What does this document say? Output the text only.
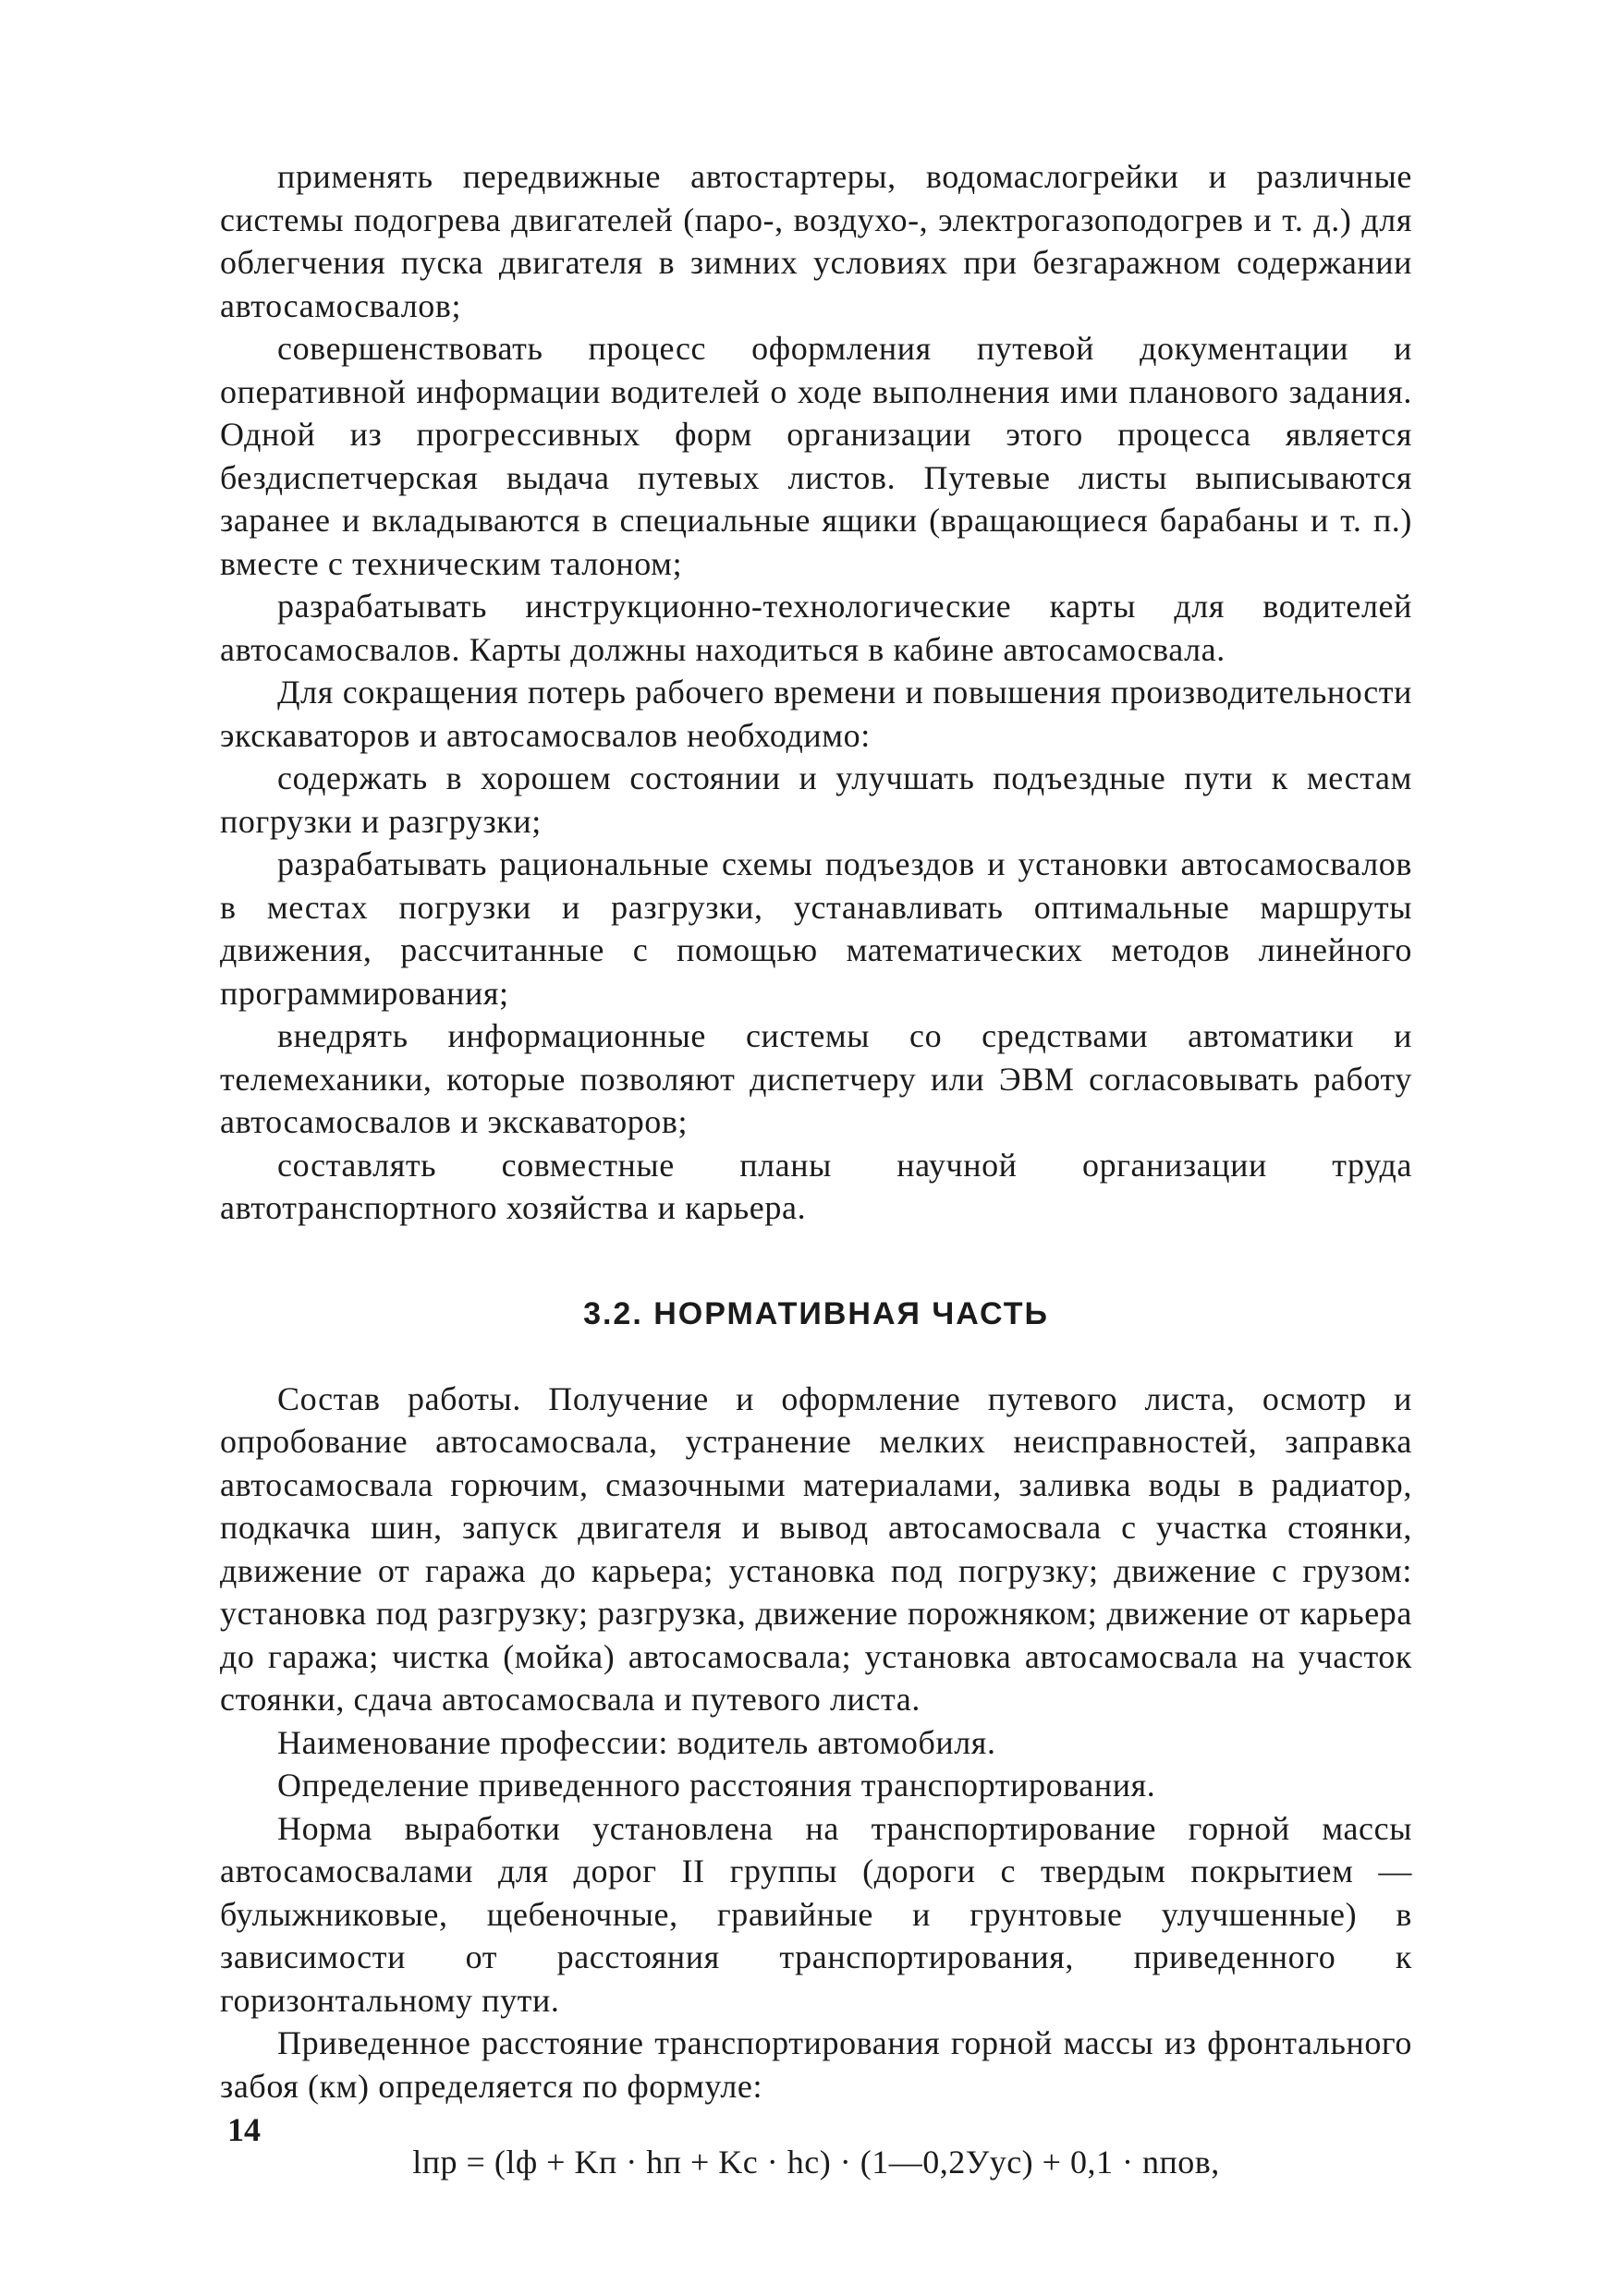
применять передвижные автостартеры, водомаслогрейки и различные системы подогрева двигателей (паро-, воздухо-, электрогазоподогрев и т. д.) для облегчения пуска двигателя в зимних условиях при безгаражном содержании автосамосвалов;

совершенствовать процесс оформления путевой документации и оперативной информации водителей о ходе выполнения ими планового задания. Одной из прогрессивных форм организации этого процесса является бездиспетчерская выдача путевых листов. Путевые листы выписываются заранее и вкладываются в специальные ящики (вращающиеся барабаны и т. п.) вместе с техническим талоном;

разрабатывать инструкционно-технологические карты для водителей автосамосвалов. Карты должны находиться в кабине автосамосвала.

Для сокращения потерь рабочего времени и повышения производительности экскаваторов и автосамосвалов необходимо:

содержать в хорошем состоянии и улучшать подъездные пути к местам погрузки и разгрузки;

разрабатывать рациональные схемы подъездов и установки автосамосвалов в местах погрузки и разгрузки, устанавливать оптимальные маршруты движения, рассчитанные с помощью математических методов линейного программирования;

внедрять информационные системы со средствами автоматики и телемеханики, которые позволяют диспетчеру или ЭВМ согласовывать работу автосамосвалов и экскаваторов;

составлять совместные планы научной организации труда автотранспортного хозяйства и карьера.

3.2. НОРМАТИВНАЯ ЧАСТЬ

Состав работы. Получение и оформление путевого листа, осмотр и опробование автосамосвала, устранение мелких неисправностей, заправка автосамосвала горючим, смазочными материалами, заливка воды в радиатор, подкачка шин, запуск двигателя и вывод автосамосвала с участка стоянки, движение от гаража до карьера; установка под погрузку; движение с грузом: установка под разгрузку; разгрузка, движение порожняком; движение от карьера до гаража; чистка (мойка) автосамосвала; установка автосамосвала на участок стоянки, сдача автосамосвала и путевого листа.

Наименование профессии: водитель автомобиля.

Определение приведенного расстояния транспортирования.

Норма выработки установлена на транспортирование горной массы автосамосвалами для дорог II группы (дороги с твердым покрытием — булыжниковые, щебеночные, гравийные и грунтовые улучшенные) в зависимости от расстояния транспортирования, приведенного к горизонтальному пути.

Приведенное расстояние транспортирования горной массы из фронтального забоя (км) определяется по формуле:

lпр = (lф + Kп · hп + Kс · hс) · (1—0,2Уус) + 0,1 · nпов,
14
